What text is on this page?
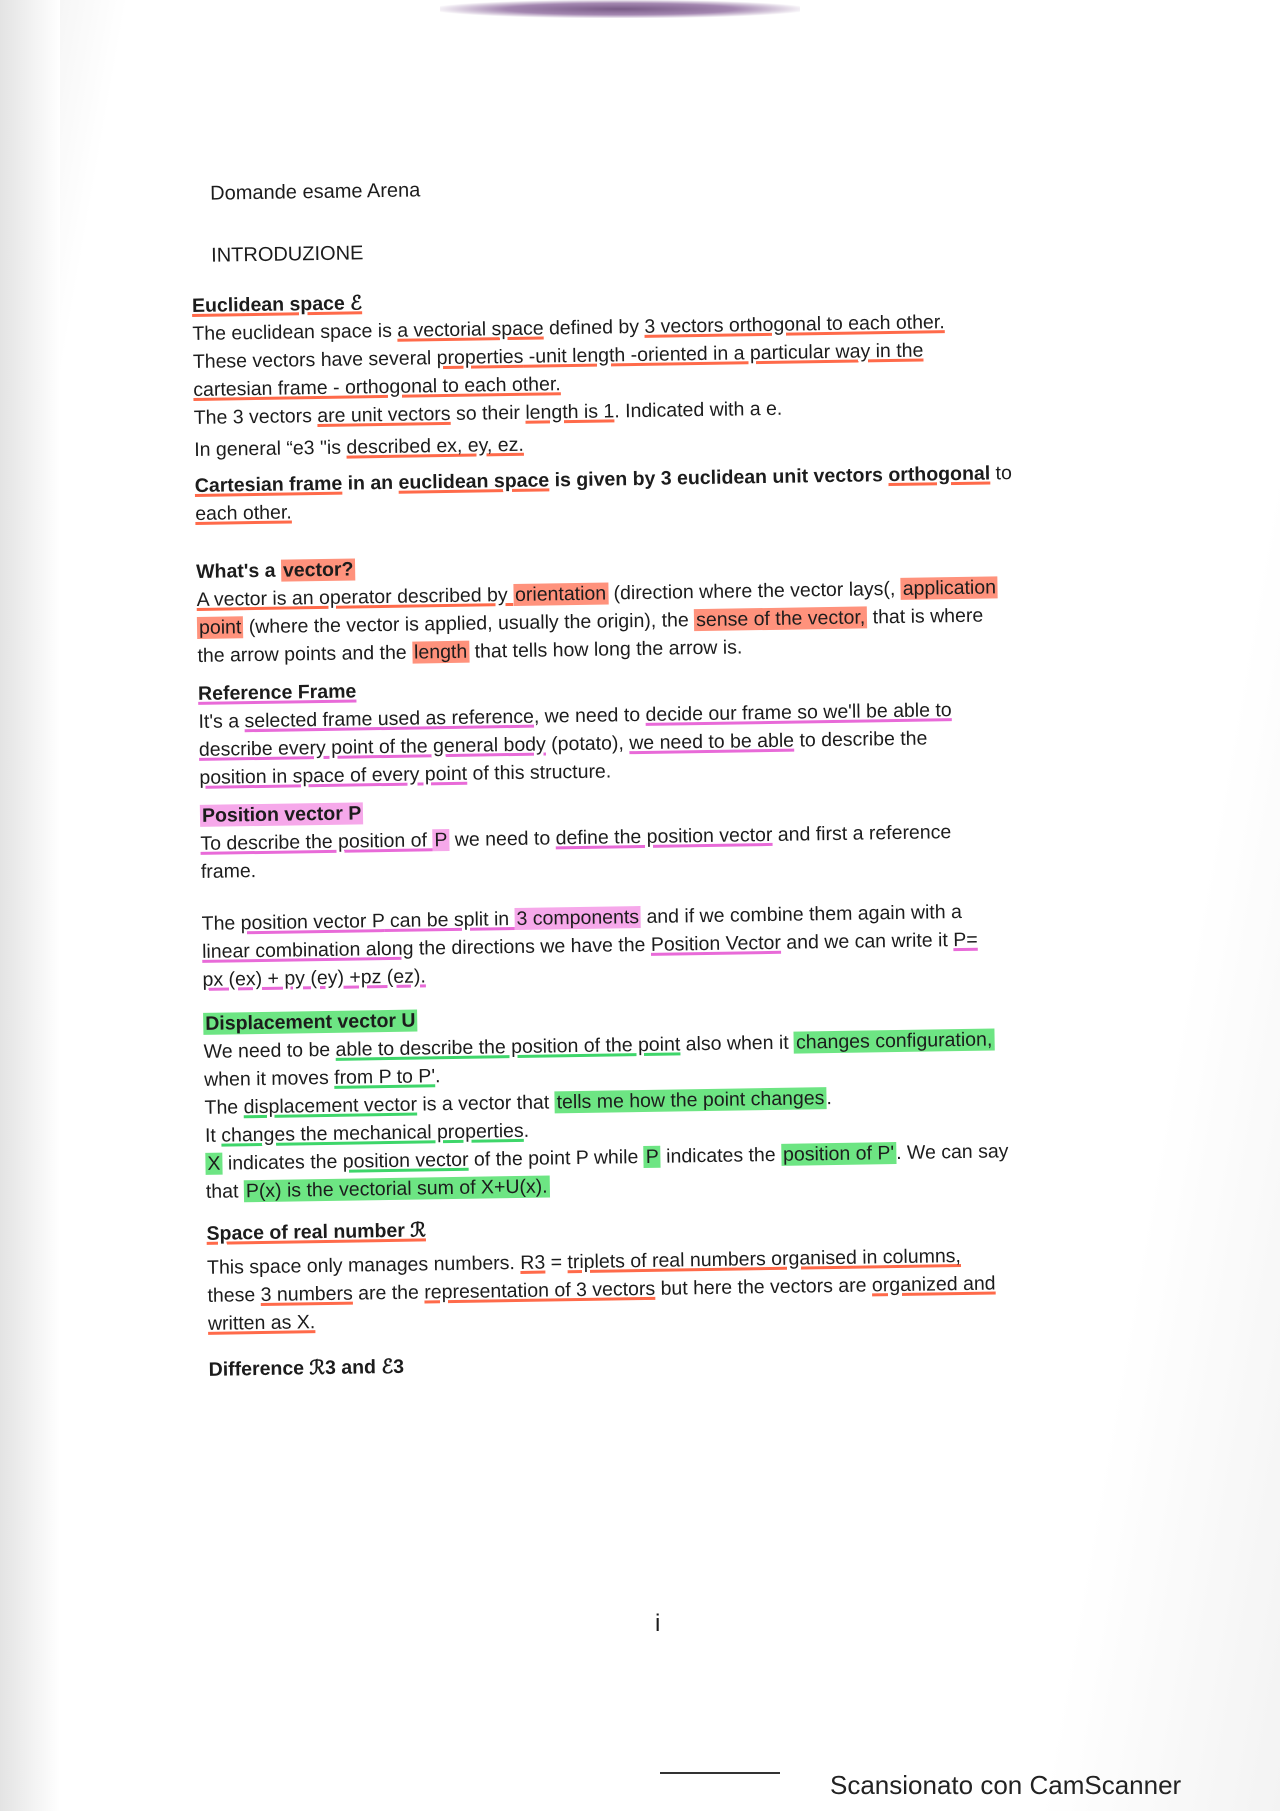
Domande esame Arena
INTRODUZIONE
Euclidean space ℰ

The euclidean space is a vectorial space defined by 3 vectors orthogonal to each other.

These vectors have several properties -unit length -oriented in a particular way in the

cartesian frame - orthogonal to each other.

The 3 vectors are unit vectors so their length is 1. Indicated with a e.

In general “e3 "is described ex, ey, ez.

Cartesian frame in an euclidean space is given by 3 euclidean unit vectors orthogonal to

each other.

What's a vector?

A vector is an operator described by orientation (direction where the vector lays(, application

point (where the vector is applied, usually the origin), the sense of the vector, that is where

the arrow points and the length that tells how long the arrow is.

Reference Frame

It's a selected frame used as reference, we need to decide our frame so we'll be able to

describe every point of the general body (potato), we need to be able to describe the

position in space of every point of this structure.

Position vector P

To describe the position of P we need to define the position vector and first a reference

frame.

The position vector P can be split in 3 components and if we combine them again with a

linear combination along the directions we have the Position Vector and we can write it P=

px (ex) + py (ey) +pz (ez).

Displacement vector U

We need to be able to describe the position of the point also when it changes configuration,

when it moves from P to P'.

The displacement vector is a vector that tells me how the point changes.

It changes the mechanical properties.

X indicates the position vector of the point P while P indicates the position of P'. We can say

that P(x) is the vectorial sum of X+U(x).

Space of real number ℛ

This space only manages numbers. R3 = triplets of real numbers organised in columns,

these 3 numbers are the representation of 3 vectors but here the vectors are organized and

written as X.

Difference ℛ3 and ℰ3
i
Scansionato con CamScanner
